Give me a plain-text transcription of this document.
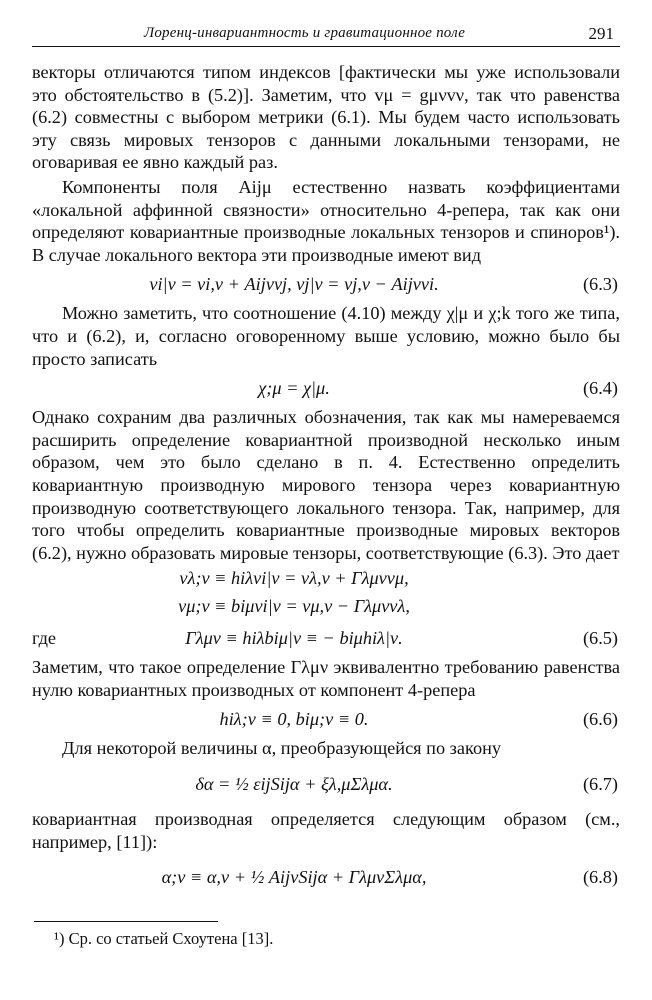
Лоренц-инвариантность и гравитационное поле	291

векторы отличаются типом индексов [фактически мы уже использовали это обстоятельство в (5.2)]. Заметим, что vμ = gμνvν, так что равенства (6.2) совместны с выбором метрики (6.1). Мы будем часто использовать эту связь мировых тензоров с данными локальными тензорами, не оговаривая ее явно каждый раз.

Компоненты поля Aijμ естественно назвать коэффициентами «локальной аффинной связности» относительно 4-репера, так как они определяют ковариантные производные локальных тензоров и спиноров¹). В случае локального вектора эти производные имеют вид

vi|ν = vi,ν + Aijνvj, vj|ν = vj,ν − Aijνvi.	(6.3)

Можно заметить, что соотношение (4.10) между χ|μ и χ;k того же типа, что и (6.2), и, согласно оговоренному выше условию, можно было бы просто записать

χ;μ = χ|μ.	(6.4)

Однако сохраним два различных обозначения, так как мы намереваемся расширить определение ковариантной производной несколько иным образом, чем это было сделано в п. 4. Естественно определить ковариантную производную мирового тензора через ковариантную производную соответствующего локального тензора. Так, например, для того чтобы определить ковариантные производные мировых векторов (6.2), нужно образовать мировые тензоры, соответствующие (6.3). Это дает

vλ;ν ≡ hiλvi|ν = vλ,ν + Γλμνvμ,
vμ;ν ≡ biμvi|ν = vμ,ν − Γλμνvλ,
где	Γλμν ≡ hiλbiμ|ν ≡ − biμhiλ|ν.	(6.5)

Заметим, что такое определение Γλμν эквивалентно требованию равенства нулю ковариантных производных от компонент 4-репера

hiλ;ν ≡ 0, biμ;ν ≡ 0.	(6.6)

Для некоторой величины α, преобразующейся по закону

δα = ½ εijSijα + ξλ,μΣλμα.	(6.7)

ковариантная производная определяется следующим образом (см., например, [11]):

α;ν ≡ α,ν + ½ AijνSijα + ΓλμνΣλμα,	(6.8)
¹) Ср. со статьей Схоутена [13].
